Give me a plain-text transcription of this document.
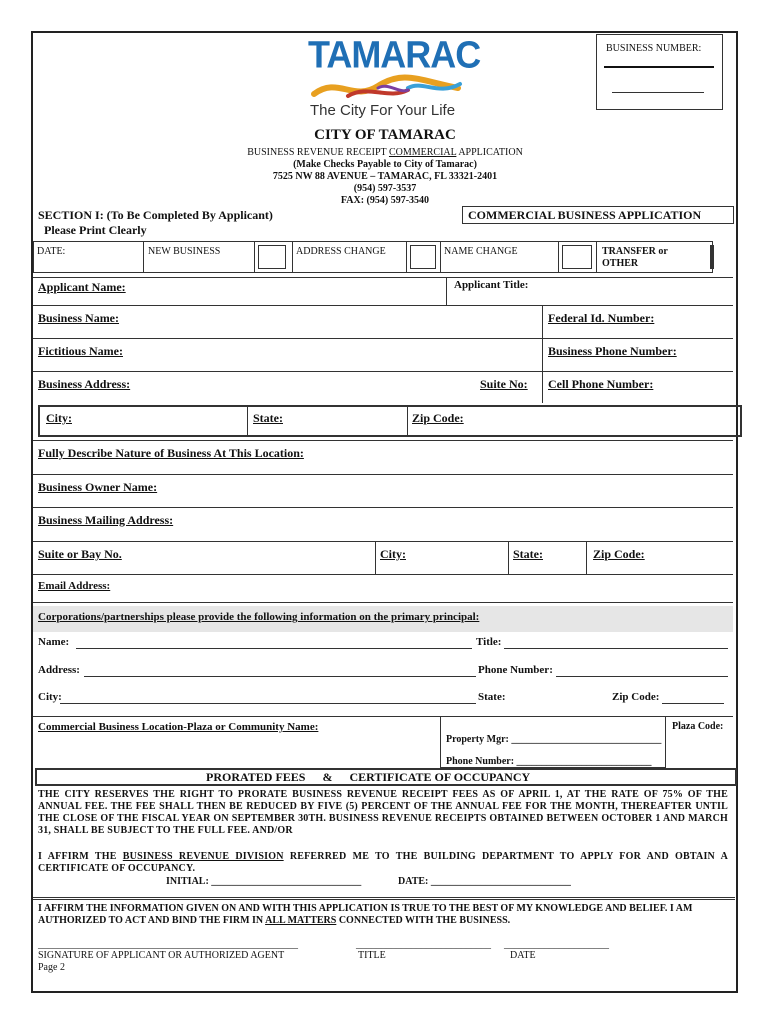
BUSINESS NUMBER:
TAMARAC
The City For Your Life
CITY OF TAMARAC
BUSINESS REVENUE RECEIPT COMMERCIAL APPLICATION
(Make Checks Payable to City of Tamarac)
7525 NW 88 AVENUE – TAMARAC, FL 33321-2401
(954) 597-3537
FAX: (954) 597-3540
SECTION I: (To Be Completed By Applicant)	COMMERCIAL BUSINESS APPLICATION
Please Print Clearly
DATE:	NEW BUSINESS	ADDRESS CHANGE	NAME CHANGE	TRANSFER or
OTHER
Applicant Name:	Applicant Title:
Business Name:	Federal Id. Number:
Fictitious Name:	Business Phone Number:
Business Address:	Suite No: Cell Phone Number:
City:	State:	Zip Code:
Fully Describe Nature of Business At This Location:
Business Owner Name:
Business Mailing Address:
Suite or Bay No.	City:	State:	Zip Code:
Email Address:
Corporations/partnerships please provide the following information on the primary principal:
Name:	Title:
Address:	Phone Number:
City:	State:	Zip Code:
Commercial Business Location-Plaza or Community Name:
Property Mgr: ______________________________
Phone Number: ___________________________
Plaza Code:
PRORATED FEES & CERTIFICATE OF OCCUPANCY
THE CITY RESERVES THE RIGHT TO PRORATE BUSINESS REVENUE RECEIPT FEES AS OF APRIL 1, AT THE RATE OF 75% OF THE ANNUAL FEE. THE FEE SHALL THEN BE REDUCED BY FIVE (5) PERCENT OF THE ANNUAL FEE FOR THE MONTH, THEREAFTER UNTIL THE CLOSE OF THE FISCAL YEAR ON SEPTEMBER 30TH. BUSINESS REVENUE RECEIPTS OBTAINED BETWEEN OCTOBER 1 AND MARCH 31, SHALL BE SUBJECT TO THE FULL FEE. AND/OR
I AFFIRM THE BUSINESS REVENUE DIVISION REFERRED ME TO THE BUILDING DEPARTMENT TO APPLY FOR AND OBTAIN A CERTIFICATE OF OCCUPANCY.
INITIAL: ______________________________	DATE: ____________________________
I AFFIRM THE INFORMATION GIVEN ON AND WITH THIS APPLICATION IS TRUE TO THE BEST OF MY KNOWLEDGE AND BELIEF. I AM
AUTHORIZED TO ACT AND BIND THE FIRM IN ALL MATTERS CONNECTED WITH THE BUSINESS.
____________________________________________________	___________________________ _____________________
SIGNATURE OF APPLICANT OR AUTHORIZED AGENT	TITLE	DATE
Page 2
